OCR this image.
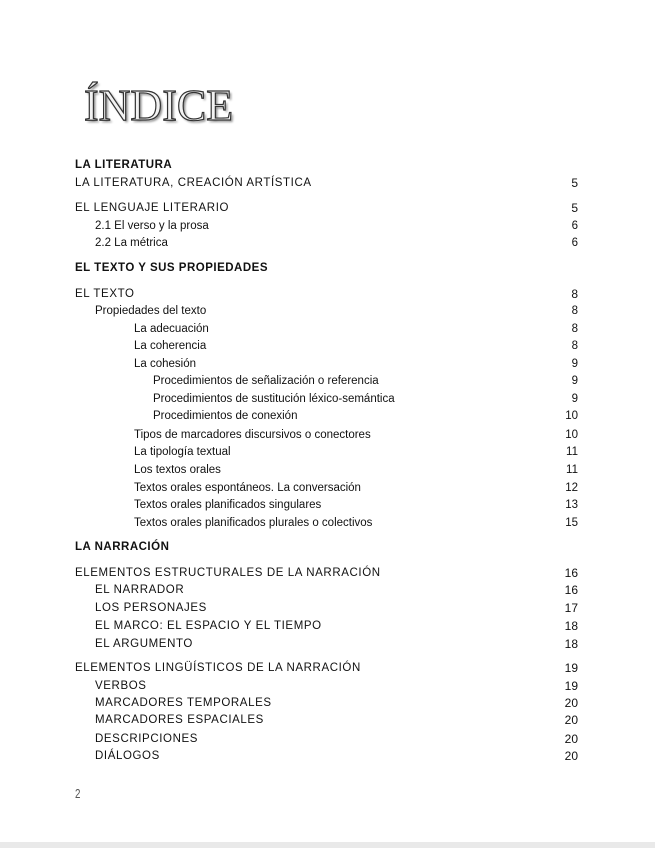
ÍNDICE
LA LITERATURA
LA LITERATURA, CREACIÓN ARTÍSTICA	5
EL LENGUAJE LITERARIO	5
2.1 El verso y la prosa	6
2.2 La métrica	6
EL TEXTO Y SUS PROPIEDADES
EL TEXTO	8
Propiedades del texto	8
La adecuación	8
La coherencia	8
La cohesión	9
Procedimientos de señalización o referencia	9
Procedimientos de sustitución léxico-semántica	9
Procedimientos de conexión	10
Tipos de marcadores discursivos o conectores	10
La tipología textual	11
Los textos orales	11
Textos orales espontáneos. La conversación	12
Textos orales planificados singulares	13
Textos orales planificados plurales o colectivos	15
LA NARRACIÓN
ELEMENTOS ESTRUCTURALES DE LA NARRACIÓN	16
EL NARRADOR	16
LOS PERSONAJES	17
EL MARCO: EL ESPACIO Y EL TIEMPO	18
EL ARGUMENTO	18
ELEMENTOS LINGÜÍSTICOS DE LA NARRACIÓN	19
VERBOS	19
MARCADORES TEMPORALES	20
MARCADORES ESPACIALES	20
DESCRIPCIONES	20
DIÁLOGOS	20
2
